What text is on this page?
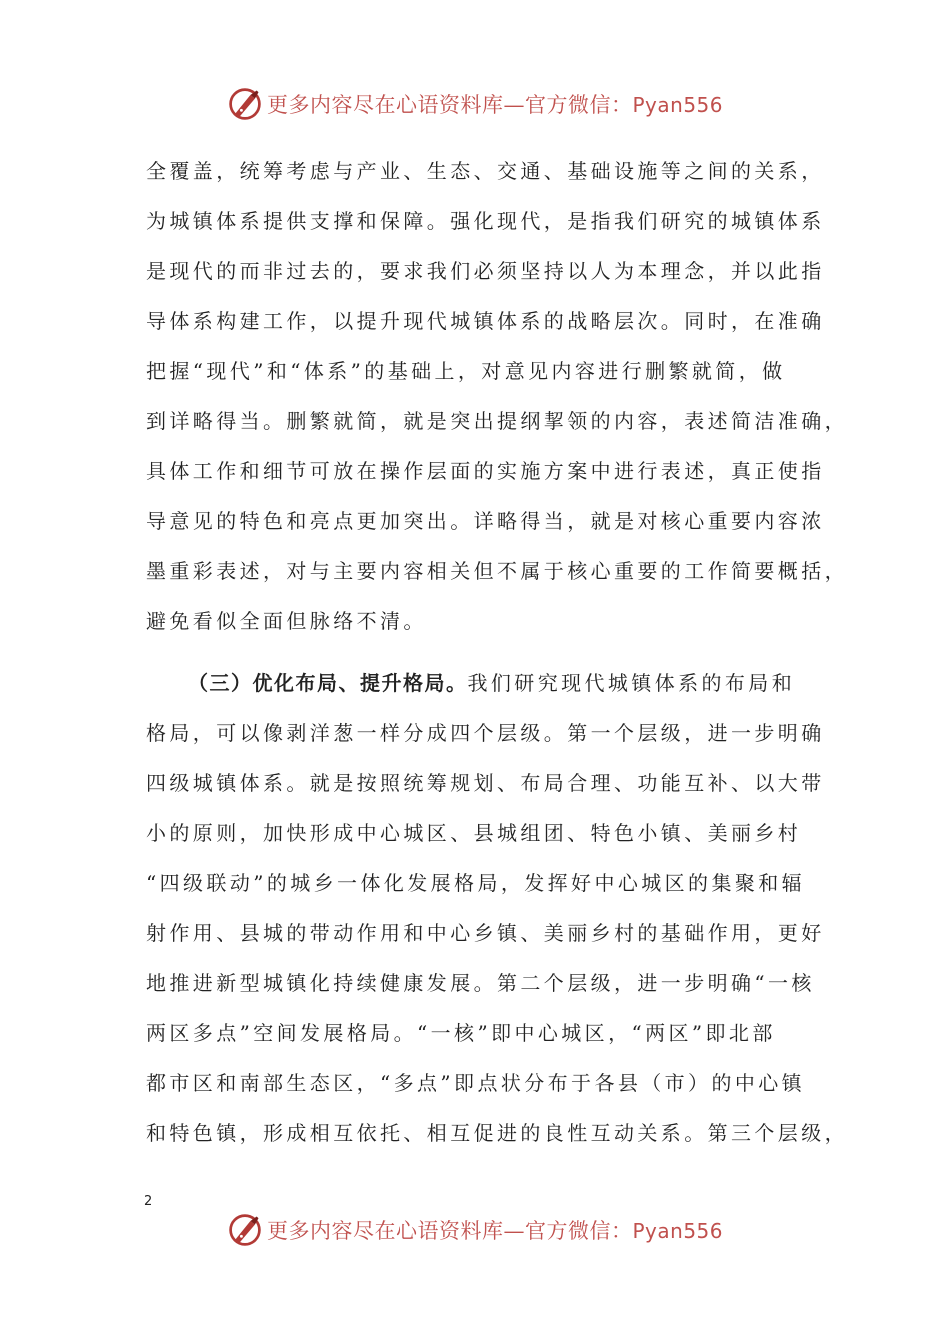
更多内容尽在心语资料库—官方微信：Pyan556
全覆盖，统筹考虑与产业、生态、交通、基础设施等之间的关系，
为城镇体系提供支撑和保障。强化现代，是指我们研究的城镇体系
是现代的而非过去的，要求我们必须坚持以人为本理念，并以此指
导体系构建工作，以提升现代城镇体系的战略层次。同时，在准确
把握“现代”和“体系”的基础上，对意见内容进行删繁就简，做
到详略得当。删繁就简，就是突出提纲挈领的内容，表述简洁准确，
具体工作和细节可放在操作层面的实施方案中进行表述，真正使指
导意见的特色和亮点更加突出。详略得当，就是对核心重要内容浓
墨重彩表述，对与主要内容相关但不属于核心重要的工作简要概括，
避免看似全面但脉络不清。
（三）优化布局、提升格局。我们研究现代城镇体系的布局和
格局，可以像剥洋葱一样分成四个层级。第一个层级，进一步明确
四级城镇体系。就是按照统筹规划、布局合理、功能互补、以大带
小的原则，加快形成中心城区、县城组团、特色小镇、美丽乡村
“四级联动”的城乡一体化发展格局，发挥好中心城区的集聚和辐
射作用、县城的带动作用和中心乡镇、美丽乡村的基础作用，更好
地推进新型城镇化持续健康发展。第二个层级，进一步明确“一核
两区多点”空间发展格局。“一核”即中心城区，“两区”即北部
都市区和南部生态区，“多点”即点状分布于各县（市）的中心镇
和特色镇，形成相互依托、相互促进的良性互动关系。第三个层级，
2
更多内容尽在心语资料库—官方微信：Pyan556
